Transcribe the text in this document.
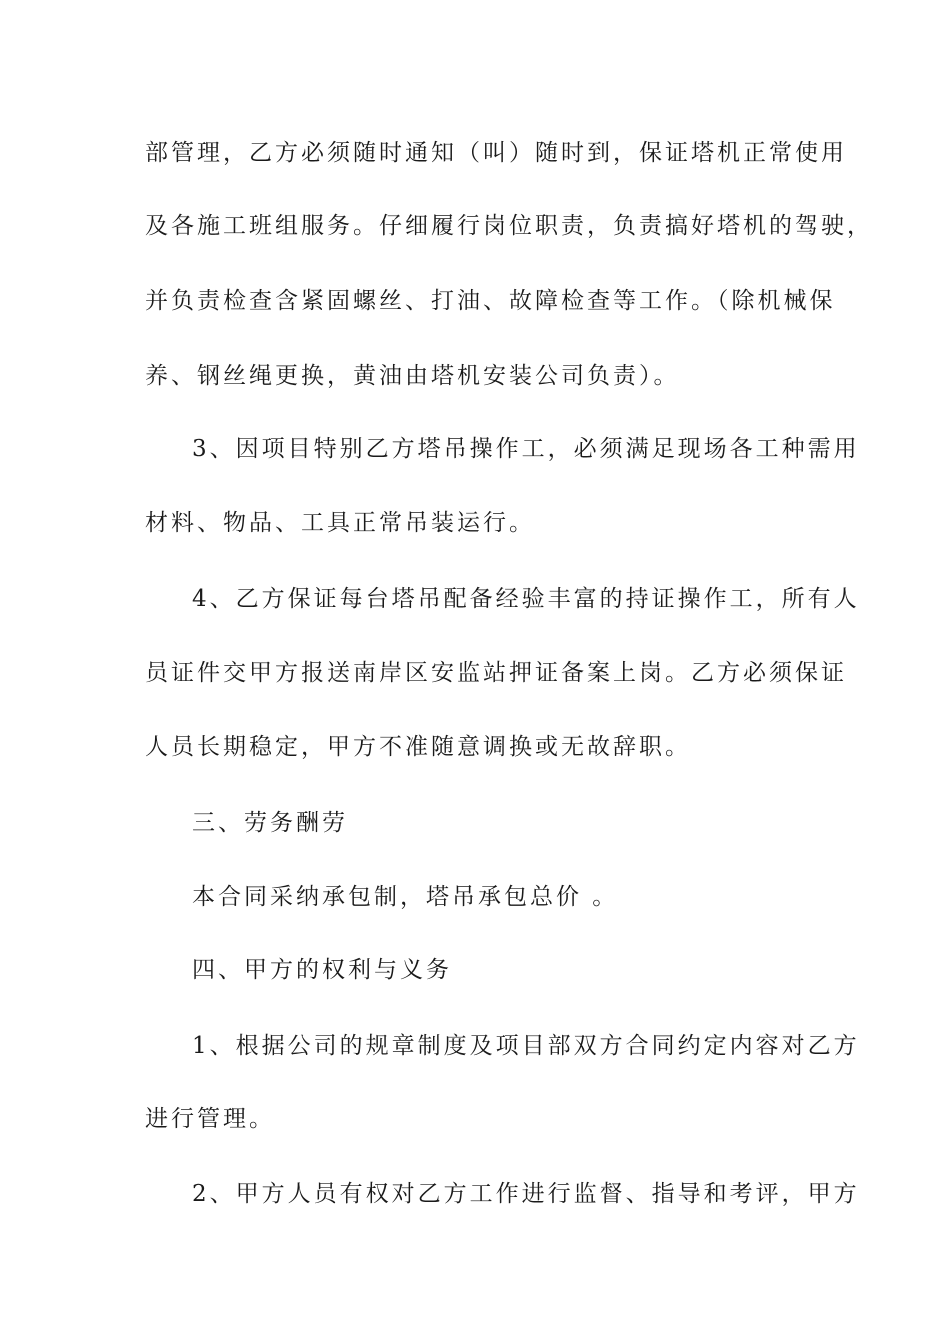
部管理，乙方必须随时通知（叫）随时到，保证塔机正常使用
及各施工班组服务。仔细履行岗位职责，负责搞好塔机的驾驶，
并负责检查含紧固螺丝、打油、故障检查等工作。（除机械保
养、钢丝绳更换，黄油由塔机安装公司负责）。
3、因项目特别乙方塔吊操作工，必须满足现场各工种需用
材料、物品、工具正常吊装运行。
4、乙方保证每台塔吊配备经验丰富的持证操作工，所有人
员证件交甲方报送南岸区安监站押证备案上岗。乙方必须保证
人员长期稳定，甲方不准随意调换或无故辞职。
三、劳务酬劳
本合同采纳承包制，塔吊承包总价 。
四、甲方的权利与义务
1、根据公司的规章制度及项目部双方合同约定内容对乙方
进行管理。
2、甲方人员有权对乙方工作进行监督、指导和考评，甲方
